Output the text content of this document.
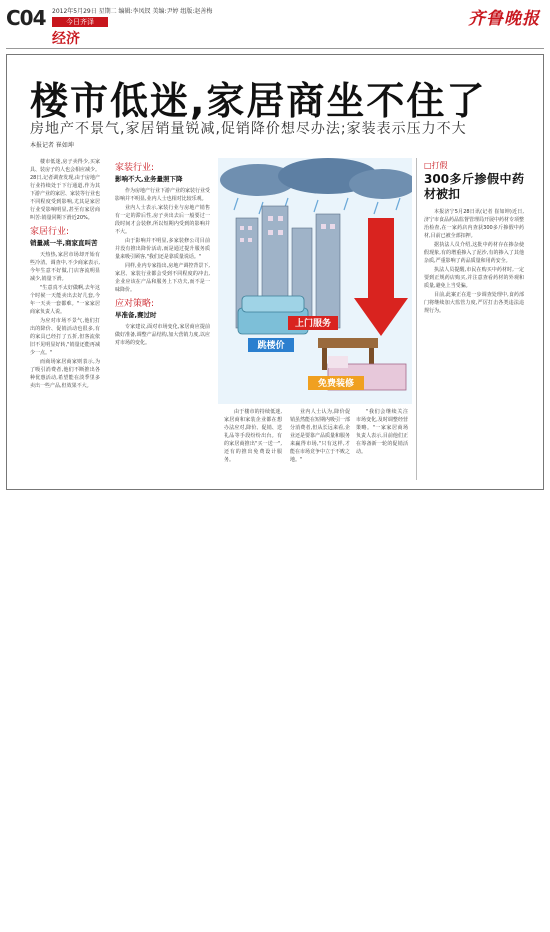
C04 2012年5月29日 星期二 编辑:李凤钗 美编:尹婷 组版:赵善梅
今日齐泽
经济
齐鲁晚报
楼市低迷,家居商坐不住了
房地产不景气,家居销量锐减,促销降价想尽办法;家装表示压力不大
本报记者 崔如坤

楼市低迷,房子卖得少,买家具、装房子的人也会相应减少。28日,记者调查发现,由于房地产行业持续处于下行通道,作为其下游产业的家居、家装等行业也不同程度受到影响,尤其是家居行业受影响明显,甚至有家居商叫苦:销量同期下滑近20%。

家居行业:
销量减一半,商家直叫苦

天热热,家居市场却开始有些冷清。调查中,不少商家表示,今年生意不好做,门店客流明显减少,销量下滑。

"生意真不太好做啊,去年这个时候一天能卖出去好几套,今年一天卖一套都难。"一家家居商家负责人说。

为应对市场不景气,他们打出的降价、促销活动也很多,有的家具已经打了五折,但客流依旧不见明显好转,"销量还能再减少一点。"

而商场家居商家则表示,为了吸引消费者,他们不断推出各种优惠活动,希望能在淡季里多卖出一些产品,但效果不大。

家装行业:
影响不大,业务量照下降

作为房地产行业下游产业的家装行业受影响并不明显,业内人士也相对比较乐观。

业内人士表示,家装行业与房地产销售有一定的滞后性,房子卖出去后一般要过一段时间才会装修,所以短期内受到的影响并不大。

由于影响并不明显,多家装修公司目前并没有推出降价活动,而是通过提升服务质量来吸引顾客,"我们还是靠质量说话。"

同样,业内专家指出,房地产调控背景下,家居、家装行业都会受到不同程度的冲击,企业应该在产品和服务上下功夫,而不是一味降价。

应对策略:
早准备,赛过时

专家建议,面对市场变化,家居商应提前做好准备,调整产品结构,加大营销力度,以应对市场的变化。

上门服务
跳楼价
免费装修

由于楼市的持续低迷,家居商和家装企业都在想办法应对,降价、促销、送礼品等手段纷纷出台。有的家居商推出"买一送一",还有的推出免费设计服务。

业内人士认为,降价促销虽然能在短期内吸引一部分消费者,但从长远来看,企业还是要靠产品质量和服务来赢得市场,"只有这样,才能在市场竞争中立于不败之地。"

"我们会继续关注市场变化,及时调整经营策略。"一家家居商场负责人表示,目前他们正在筹备新一轮的促销活动。

□打假
300多斤掺假中药材被扣

本报济宁5月28日讯(记者 崔如坤)近日,济宁市食品药品监督管理局开展中药材专项整治检查,在一家药店内查获300多斤掺假中药材,目前已被全部扣押。

据执法人员介绍,这批中药材存在掺杂使假现象,有的增重掺入了泥沙,有的掺入了其他杂质,严重影响了药品质量和用药安全。

执法人员提醒,市民在购买中药材时,一定要到正规药店购买,并注意查看药材的外观和质量,避免上当受骗。

目前,此案正在进一步调查处理中,食药部门将继续加大监管力度,严厉打击各类违法违规行为。
